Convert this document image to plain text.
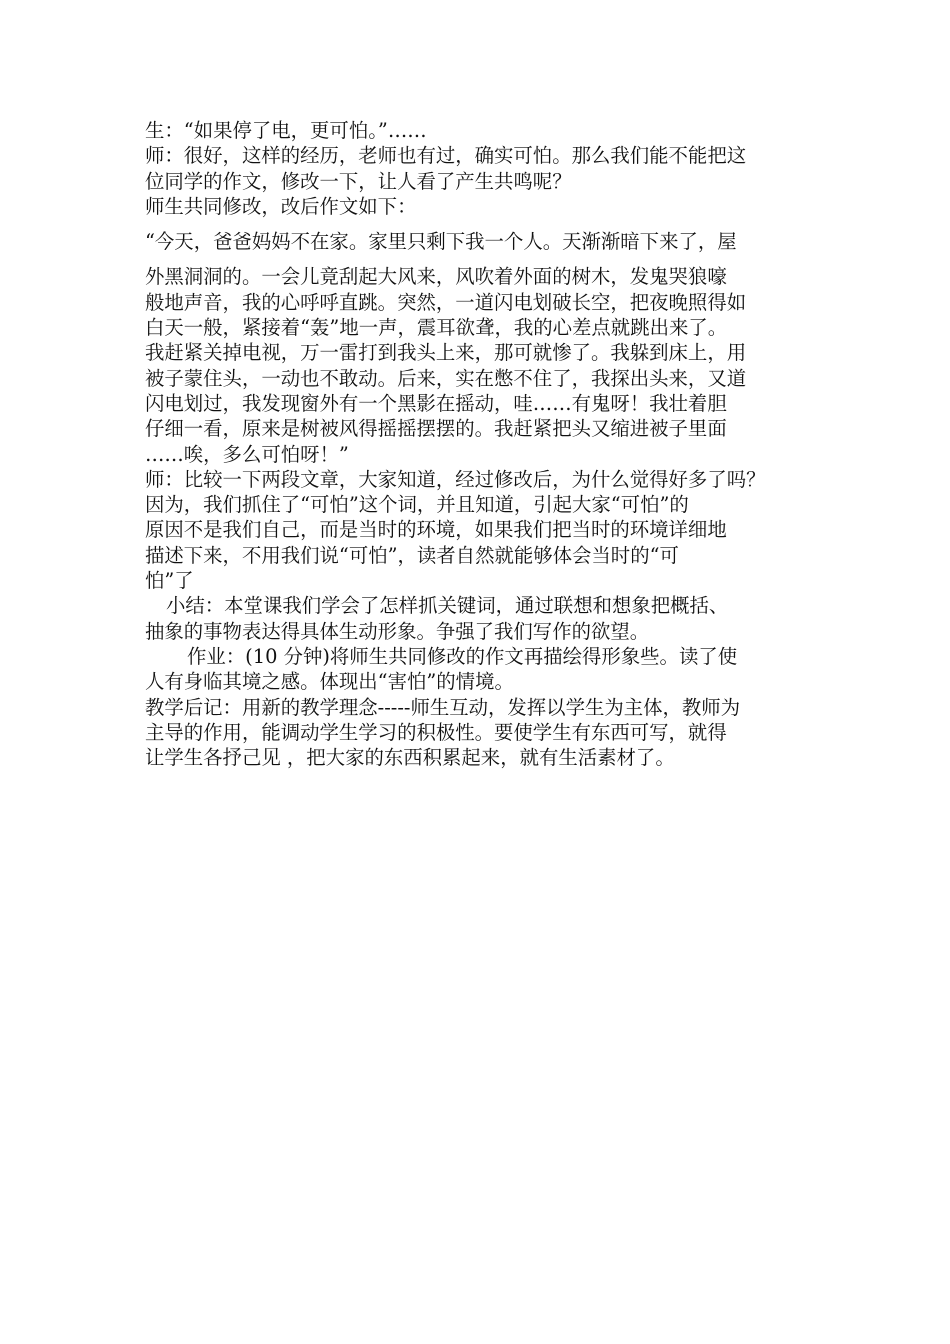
生：“如果停了电，更可怕。”……
师：很好，这样的经历，老师也有过，确实可怕。那么我们能不能把这
位同学的作文，修改一下，让人看了产生共鸣呢？
师生共同修改，改后作文如下：
“今天，爸爸妈妈不在家。家里只剩下我一个人。天渐渐暗下来了，屋
外黑洞洞的。一会儿竟刮起大风来，风吹着外面的树木，发鬼哭狼嚎
般地声音，我的心呼呼直跳。突然，一道闪电划破长空，把夜晚照得如
白天一般，紧接着“轰”地一声，震耳欲聋，我的心差点就跳出来了。
我赶紧关掉电视，万一雷打到我头上来，那可就惨了。我躲到床上，用
被子蒙住头，一动也不敢动。后来，实在憋不住了，我探出头来，又道
闪电划过，我发现窗外有一个黑影在摇动，哇……有鬼呀！我壮着胆
仔细一看，原来是树被风得摇摇摆摆的。我赶紧把头又缩进被子里面
……唉，多么可怕呀！”
师：比较一下两段文章，大家知道，经过修改后，为什么觉得好多了吗？
因为，我们抓住了“可怕”这个词，并且知道，引起大家“可怕”的
原因不是我们自己，而是当时的环境，如果我们把当时的环境详细地
描述下来，不用我们说“可怕”，读者自然就能够体会当时的“可
怕”了
小结：本堂课我们学会了怎样抓关键词，通过联想和想象把概括、
抽象的事物表达得具体生动形象。争强了我们写作的欲望。
作业：(10 分钟)将师生共同修改的作文再描绘得形象些。读了使
人有身临其境之感。体现出“害怕”的情境。
教学后记：用新的教学理念-----师生互动，发挥以学生为主体，教师为
主导的作用，能调动学生学习的积极性。要使学生有东西可写，就得
让学生各抒己见 ，把大家的东西积累起来，就有生活素材了。
